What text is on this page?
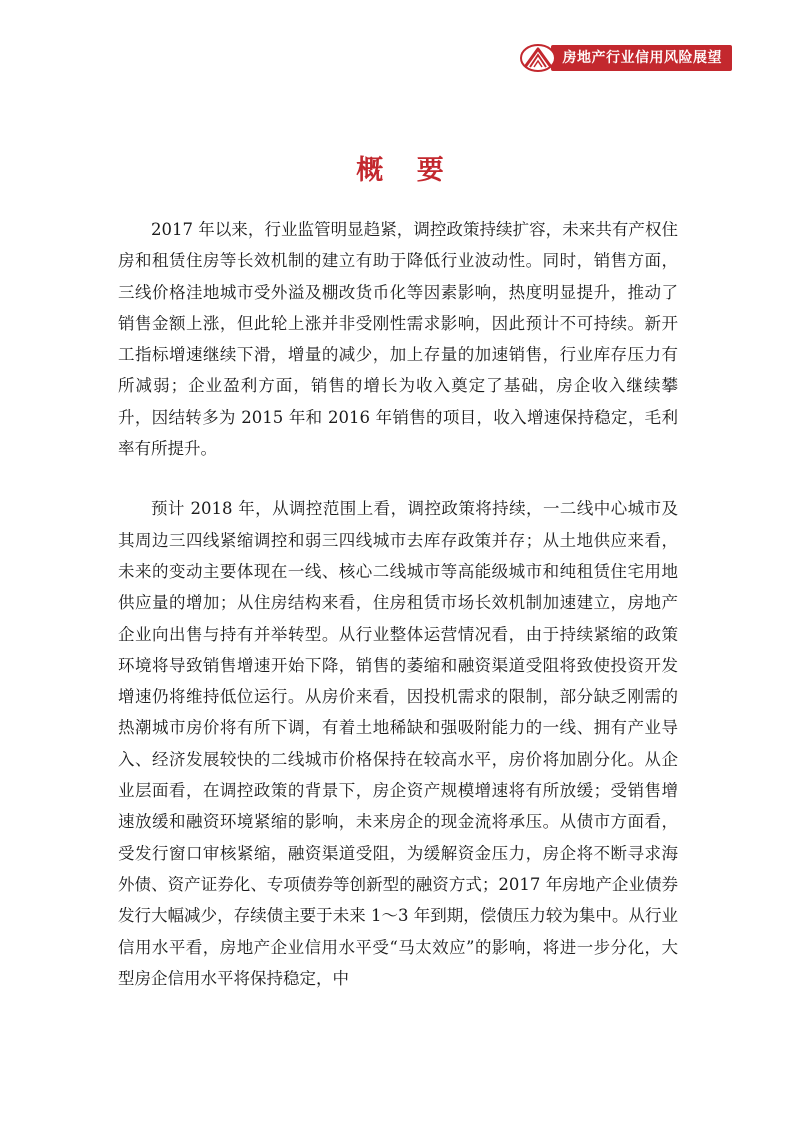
房地产行业信用风险展望
概 要

2017 年以来，行业监管明显趋紧，调控政策持续扩容，未来共有产权住房和租赁住房等长效机制的建立有助于降低行业波动性。同时，销售方面，三线价格洼地城市受外溢及棚改货币化等因素影响，热度明显提升，推动了销售金额上涨，但此轮上涨并非受刚性需求影响，因此预计不可持续。新开工指标增速继续下滑，增量的减少，加上存量的加速销售，行业库存压力有所减弱；企业盈利方面，销售的增长为收入奠定了基础，房企收入继续攀升，因结转多为 2015 年和 2016 年销售的项目，收入增速保持稳定，毛利率有所提升。

预计 2018 年，从调控范围上看，调控政策将持续，一二线中心城市及其周边三四线紧缩调控和弱三四线城市去库存政策并存；从土地供应来看，未来的变动主要体现在一线、核心二线城市等高能级城市和纯租赁住宅用地供应量的增加；从住房结构来看，住房租赁市场长效机制加速建立，房地产企业向出售与持有并举转型。从行业整体运营情况看，由于持续紧缩的政策环境将导致销售增速开始下降，销售的萎缩和融资渠道受阻将致使投资开发增速仍将维持低位运行。从房价来看，因投机需求的限制，部分缺乏刚需的热潮城市房价将有所下调，有着土地稀缺和强吸附能力的一线、拥有产业导入、经济发展较快的二线城市价格保持在较高水平，房价将加剧分化。从企业层面看，在调控政策的背景下，房企资产规模增速将有所放缓；受销售增速放缓和融资环境紧缩的影响，未来房企的现金流将承压。从债市方面看，受发行窗口审核紧缩，融资渠道受阻，为缓解资金压力，房企将不断寻求海外债、资产证券化、专项债券等创新型的融资方式；2017 年房地产企业债券发行大幅减少，存续债主要于未来 1～3 年到期，偿债压力较为集中。从行业信用水平看，房地产企业信用水平受“马太效应”的影响，将进一步分化，大型房企信用水平将保持稳定，中
